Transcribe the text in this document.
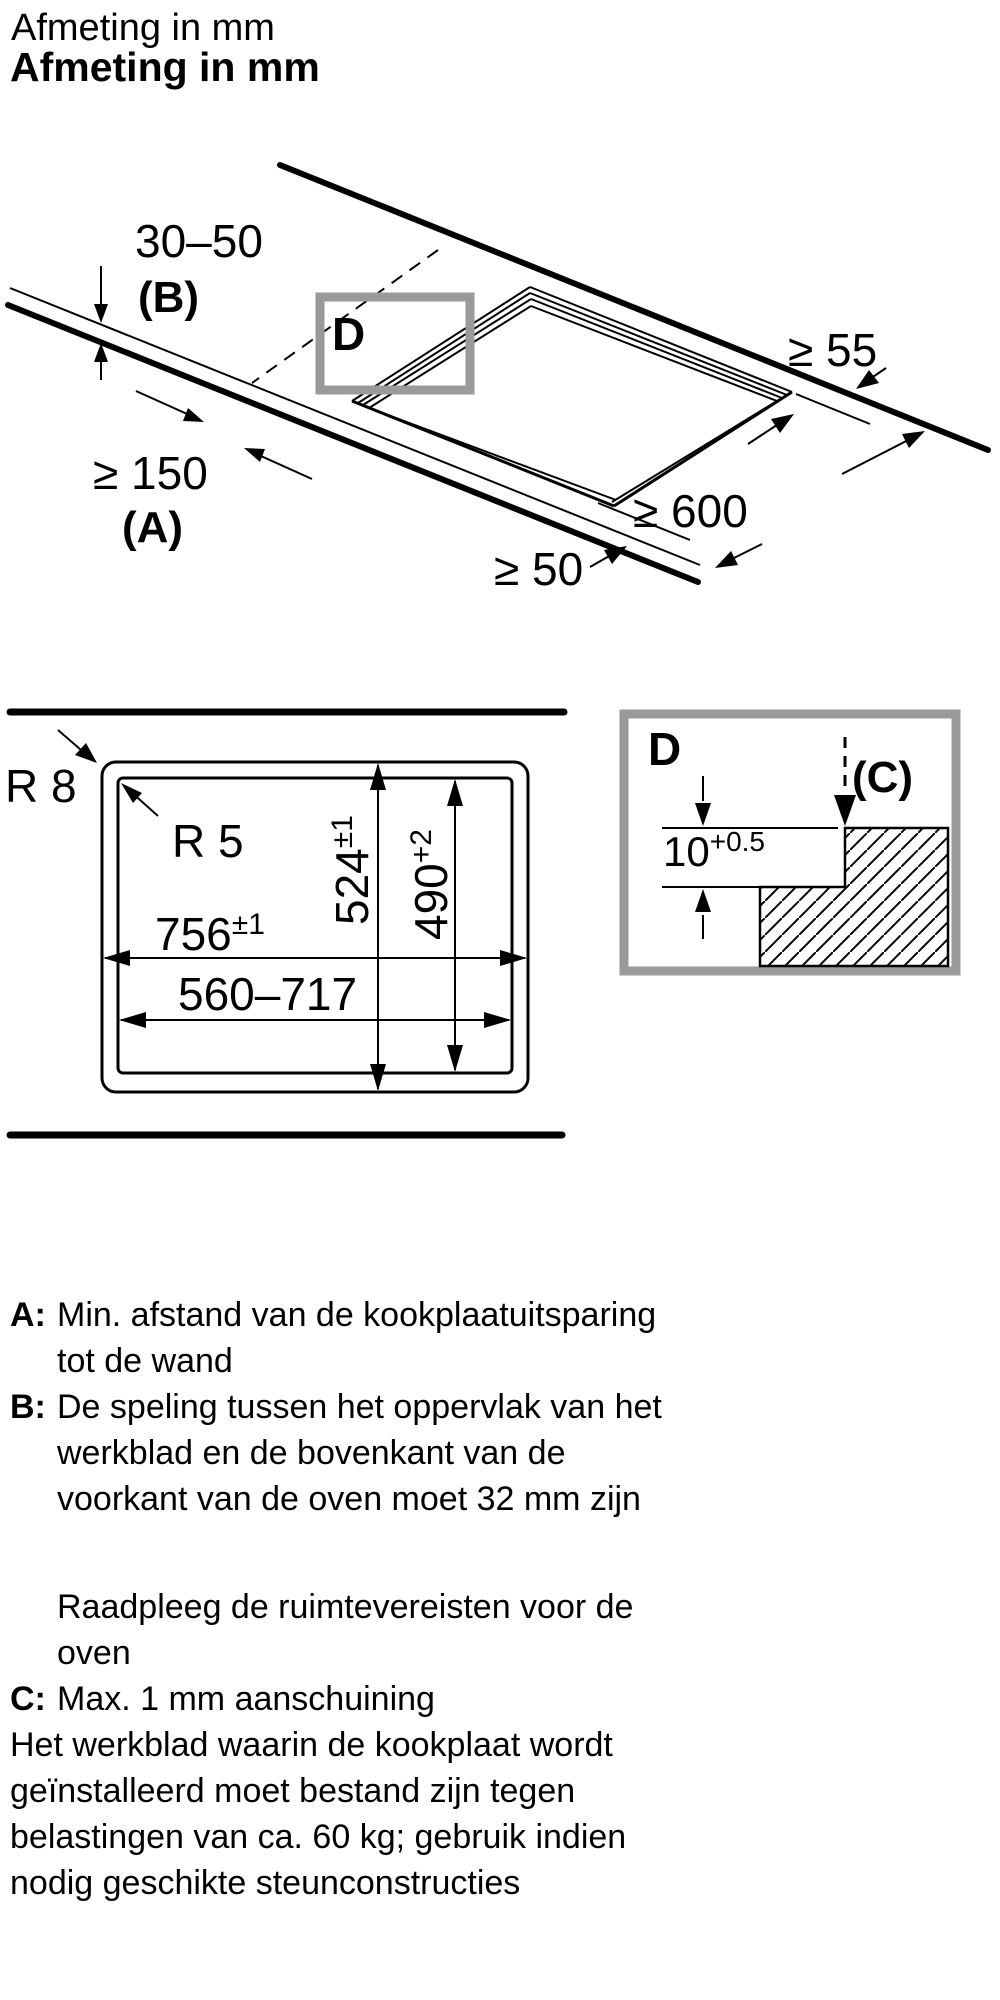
Afmeting in mm
Afmeting in mm
D
30–50
(B)
≥ 55
≥ 150
(A)	≥ 600
≥ 50
R 8
R 5
$524^{\pm 1}$
$490^{+2}$
$756^{\pm 1}$
560–717
D
(C)
$10^{+0.5}$
A: Min. afstand van de kookplaatuitsparing
tot de wand
B: De speling tussen het oppervlak van het
werkblad en de bovenkant van de
voorkant van de oven moet 32 mm zijn
Raadpleeg de ruimtevereisten voor de
oven
C: Max. 1 mm aanschuining
Het werkblad waarin de kookplaat wordt
geïnstalleerd moet bestand zijn tegen
belastingen van ca. 60 kg; gebruik indien
nodig geschikte steunconstructies
